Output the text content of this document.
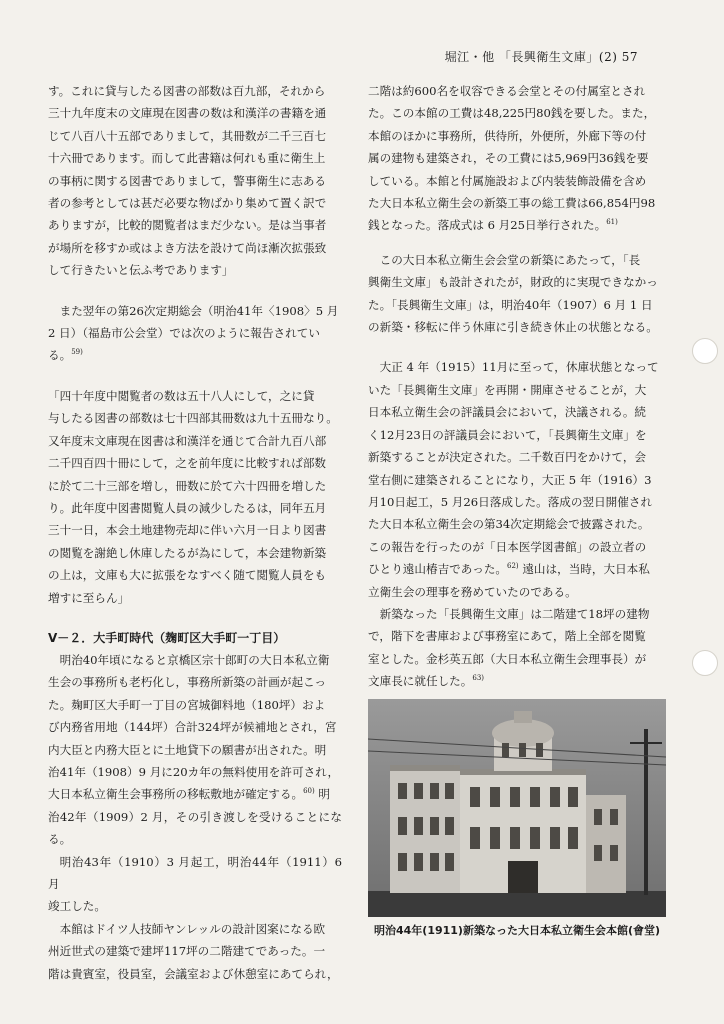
堀江・他 「長興衛生文庫」(2) 57
す。これに貸与したる図書の部数は百九部，それから
三十九年度末の文庫現在図書の数は和漢洋の書籍を通
じて八百八十五部でありまして，其冊数が二千三百七
十六冊であります。而して此書籍は何れも重に衛生上
の事柄に関する図書でありまして，警事衛生に志ある
者の参考としては甚だ必要な物ばかり集めて置く訳で
ありますが，比較的閲覧者はまだ少ない。是は当事者
が場所を移すか或はよき方法を設けて尚ほ漸次拡張致
して行きたいと伝ふ考であります」
また翌年の第26次定期総会（明治41年〈1908〉5 月
2 日）（福島市公会堂）では次のように報告されてい
る。$^{59)}$
「四十年度中閲覧者の数は五十八人にして，之に貸
与したる図書の部数は七十四部其冊数は九十五冊なり。
又年度末文庫現在図書は和漢洋を通じて合計九百八部
二千四百四十冊にして，之を前年度に比較すれば部数
に於て二十三部を増し，冊数に於て六十四冊を増した
り。此年度中図書閲覧人員の減少したるは，同年五月
三十一日，本会土地建物売却に伴い六月一日より図書
の閲覧を謝絶し休庫したるが為にして，本会建物新築
の上は，文庫も大に拡張をなすべく随て閲覧人員をも
増すに至らん」
Ⅴ－２．大手町時代（麹町区大手町一丁目）
明治40年頃になると京橋区宗十郎町の大日本私立衛
生会の事務所も老朽化し，事務所新築の計画が起こっ
た。麹町区大手町一丁目の宮城御料地（180坪）およ
び内務省用地（144坪）合計324坪が候補地とされ，宮
内大臣と内務大臣とに土地貸下の願書が出された。明
治41年（1908）9 月に20カ年の無料使用を許可され，
大日本私立衛生会事務所の移転敷地が確定する。$^{60)}$ 明
治42年（1909）2 月，その引き渡しを受けることになる。
明治43年（1910）3 月起工，明治44年（1911）6 月
竣工した。
本館はドイツ人技師ヤンレッルの設計図案になる欧
州近世式の建築で建坪117坪の二階建てであった。一
階は貴賓室，役員室，会議室および休憩室にあてられ，
二階は約600名を収容できる会堂とその付属室とされ
た。この本館の工費は48,225円80銭を要した。また，
本館のほかに事務所，供待所，外便所，外廊下等の付
属の建物も建築され，その工費には5,969円36銭を要
している。本館と付属施設および内装装飾設備を含め
た大日本私立衛生会の新築工事の総工費は66,854円98
銭となった。落成式は 6 月25日挙行された。$^{61)}$
この大日本私立衛生会会堂の新築にあたって，「長
興衛生文庫」も設計されたが，財政的に実現できなかっ
た。「長興衛生文庫」は，明治40年（1907）6 月 1 日
の新築・移転に伴う休庫に引き続き休止の状態となる。
大正 4 年（1915）11月に至って，休庫状態となって
いた「長興衛生文庫」を再開・開庫させることが，大
日本私立衛生会の評議員会において，決議される。続
く12月23日の評議員会において，「長興衛生文庫」を
新築することが決定された。二千数百円をかけて，会
堂右側に建築されることになり，大正 5 年（1916）3
月10日起工，5 月26日落成した。落成の翌日開催され
た大日本私立衛生会の第34次定期総会で披露された。
この報告を行ったのが「日本医学図書館」の設立者の
ひとり遠山椿吉であった。$^{62)}$ 遠山は，当時，大日本私
立衛生会の理事を務めていたのである。
新築なった「長興衛生文庫」は二階建て18坪の建物
で，階下を書庫および事務室にあて，階上全部を閲覧
室とした。金杉英五郎（大日本私立衛生会理事長）が
文庫長に就任した。$^{63)}$
明治44年(1911)新築なった大日本私立衛生会本館(會堂)
